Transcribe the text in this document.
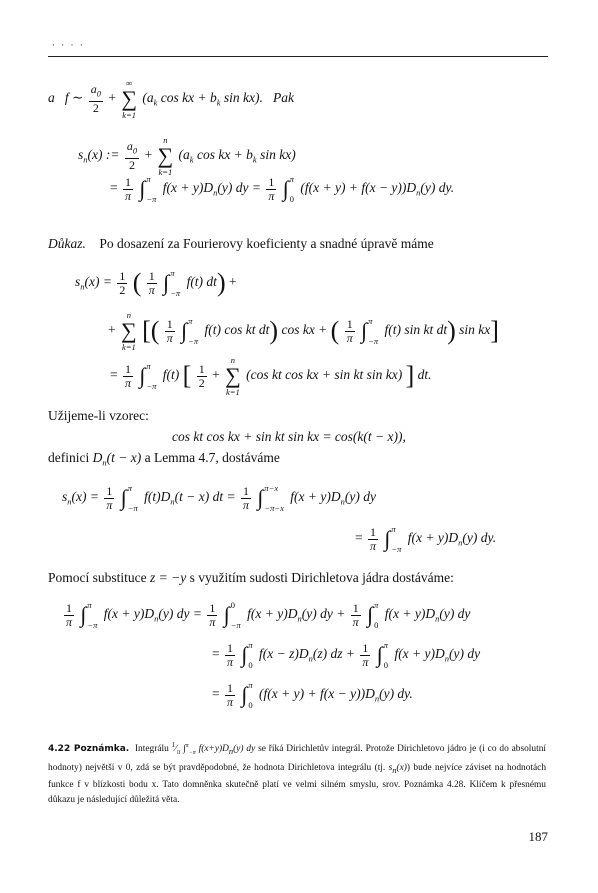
· · · ·
a   f ∼ $\frac{a_0}{2}$ +
∞
∑
k=1
($a_k$ cos kx + $b_k$ sin kx). Pak
$s_n(x)$ := $\frac{a_0}{2}$ +
n
∑
k=1
($a_k$ cos kx + $b_k$ sin kx)
= $\frac{1}{\pi}$ ∫ π
−π
$f(x + y)D_n(y)$ dy = $\frac{1}{\pi}$ ∫ π
0
$(f(x + y) + f(x - y))D_n(y)$ dy.
Důkaz. Po dosazení za Fourierovy koeficienty a snadné úpravě máme
$s_n(x) = \frac{1}{2}$ ( $\frac{1}{\pi}$ ∫ π
−π
f(t) dt) +
+
n
∑
k=1
[( $\frac{1}{\pi}$ ∫ π
−π
f(t) cos kt dt) cos kx + ( $\frac{1}{\pi}$ ∫ π
−π
f(t) sin kt dt) sin kx]
= $\frac{1}{\pi}$ ∫ π
−π
f(t) [ $\frac{1}{2}$ +
n
∑
k=1
(cos kt cos kx + sin kt sin kx) ] dt.
Užijeme-li vzorec:
cos kt cos kx + sin kt sin kx = cos(k(t − x)),
definici $D_n(t - x)$ a Lemma 4.7, dostáváme
$s_n(x) = \frac{1}{\pi}$ ∫ π
−π
$f(t)D_n(t - x)$ dt = $\frac{1}{\pi}$ ∫ π−x
−π−x
$f(x + y)D_n(y)$ dy
= $\frac{1}{\pi}$ ∫ π
−π
$f(x + y)D_n(y)$ dy.
Pomocí substituce z = −y s využitím sudosti Dirichletova jádra dostáváme:
$\frac{1}{\pi}$ ∫ π
−π
$f(x + y)D_n(y)$ dy = $\frac{1}{\pi}$ ∫ 0
−π
$f(x + y)D_n(y)$ dy + $\frac{1}{\pi}$ ∫ π
0
$f(x + y)D_n(y)$ dy
= $\frac{1}{\pi}$ ∫ π
0
$f(x - z)D_n(z)$ dz + $\frac{1}{\pi}$ ∫ π
0
$f(x + y)D_n(y)$ dy
= $\frac{1}{\pi}$ ∫ π
0
$(f(x + y) + f(x - y))D_n(y)$ dy.
4.22 Poznámka. Integrálu $^1⁄_\pi$ ∫$^\pi_{-\pi}$ $f(x+y)D_n(y)$ dy se říká Dirichletův integrál. Protože Dirichletovo jádro je (i co do absolutní hodnoty) největší v 0, zdá se být pravděpodobné, že hodnota Dirichletova integrálu (tj. $s_n(x)$) bude nejvíce záviset na hodnotách funkce f v blízkosti bodu x. Tato domněnka skutečně platí ve velmi silném smyslu, srov. Poznámka 4.28. Klíčem k přesnému důkazu je následující důležitá věta.
187
